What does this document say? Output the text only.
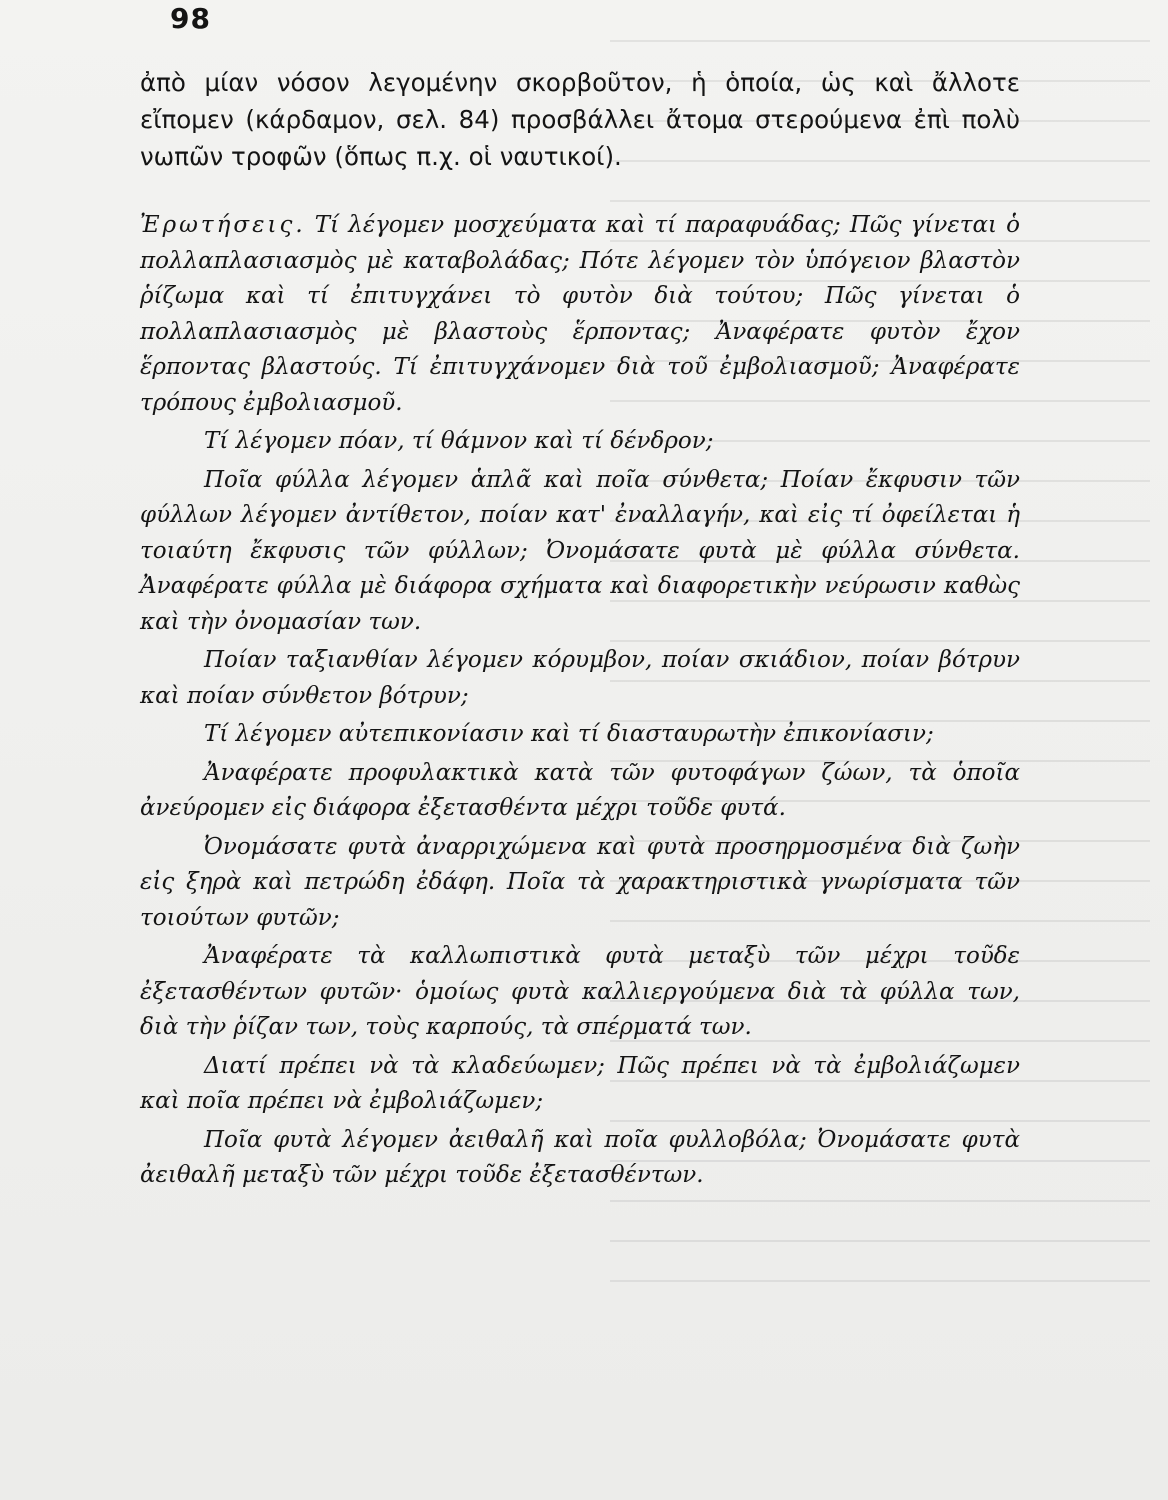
98
ἀπὸ μίαν νόσον λεγομένην σκορβοῦτον, ἡ ὁποία, ὡς καὶ ἄλλοτε εἴπομεν (κάρδαμον, σελ. 84) προσβάλλει ἄτομα στερούμενα ἐπὶ πολὺ νωπῶν τροφῶν (ὅπως π.χ. οἱ ναυτικοί).

Ἐρωτήσεις. Τί λέγομεν μοσχεύματα καὶ τί παραφυάδας; Πῶς γίνεται ὁ πολλαπλασιασμὸς μὲ καταβολάδας; Πότε λέγομεν τὸν ὑπόγειον βλαστὸν ῥίζωμα καὶ τί ἐπιτυγχάνει τὸ φυτὸν διὰ τούτου; Πῶς γίνεται ὁ πολλαπλασιασμὸς μὲ βλαστοὺς ἕρποντας; Ἀναφέρατε φυτὸν ἔχον ἕρποντας βλαστούς. Τί ἐπιτυγχάνομεν διὰ τοῦ ἐμβολιασμοῦ; Ἀναφέρατε τρόπους ἐμβολιασμοῦ.

Τί λέγομεν πόαν, τί θάμνον καὶ τί δένδρον;

Ποῖα φύλλα λέγομεν ἁπλᾶ καὶ ποῖα σύνθετα; Ποίαν ἔκφυσιν τῶν φύλλων λέγομεν ἀντίθετον, ποίαν κατ' ἐναλλαγήν, καὶ εἰς τί ὀφείλεται ἡ τοιαύτη ἔκφυσις τῶν φύλλων; Ὀνομάσατε φυτὰ μὲ φύλλα σύνθετα. Ἀναφέρατε φύλλα μὲ διάφορα σχήματα καὶ διαφορετικὴν νεύρωσιν καθὼς καὶ τὴν ὀνομασίαν των.

Ποίαν ταξιανθίαν λέγομεν κόρυμβον, ποίαν σκιάδιον, ποίαν βότρυν καὶ ποίαν σύνθετον βότρυν;

Τί λέγομεν αὐτεπικονίασιν καὶ τί διασταυρωτὴν ἐπικονίασιν;

Ἀναφέρατε προφυλακτικὰ κατὰ τῶν φυτοφάγων ζώων, τὰ ὁποῖα ἀνεύρομεν εἰς διάφορα ἐξετασθέντα μέχρι τοῦδε φυτά.

Ὀνομάσατε φυτὰ ἀναρριχώμενα καὶ φυτὰ προσηρμοσμένα διὰ ζωὴν εἰς ξηρὰ καὶ πετρώδη ἐδάφη. Ποῖα τὰ χαρακτηριστικὰ γνωρίσματα τῶν τοιούτων φυτῶν;

Ἀναφέρατε τὰ καλλωπιστικὰ φυτὰ μεταξὺ τῶν μέχρι τοῦδε ἐξετασθέντων φυτῶν· ὁμοίως φυτὰ καλλιεργούμενα διὰ τὰ φύλλα των, διὰ τὴν ῥίζαν των, τοὺς καρπούς, τὰ σπέρματά των.

Διατί πρέπει νὰ τὰ κλαδεύωμεν; Πῶς πρέπει νὰ τὰ ἐμβολιάζωμεν καὶ ποῖα πρέπει νὰ ἐμβολιάζωμεν;

Ποῖα φυτὰ λέγομεν ἀειθαλῆ καὶ ποῖα φυλλοβόλα; Ὀνομάσατε φυτὰ ἀειθαλῆ μεταξὺ τῶν μέχρι τοῦδε ἐξετασθέντων.
